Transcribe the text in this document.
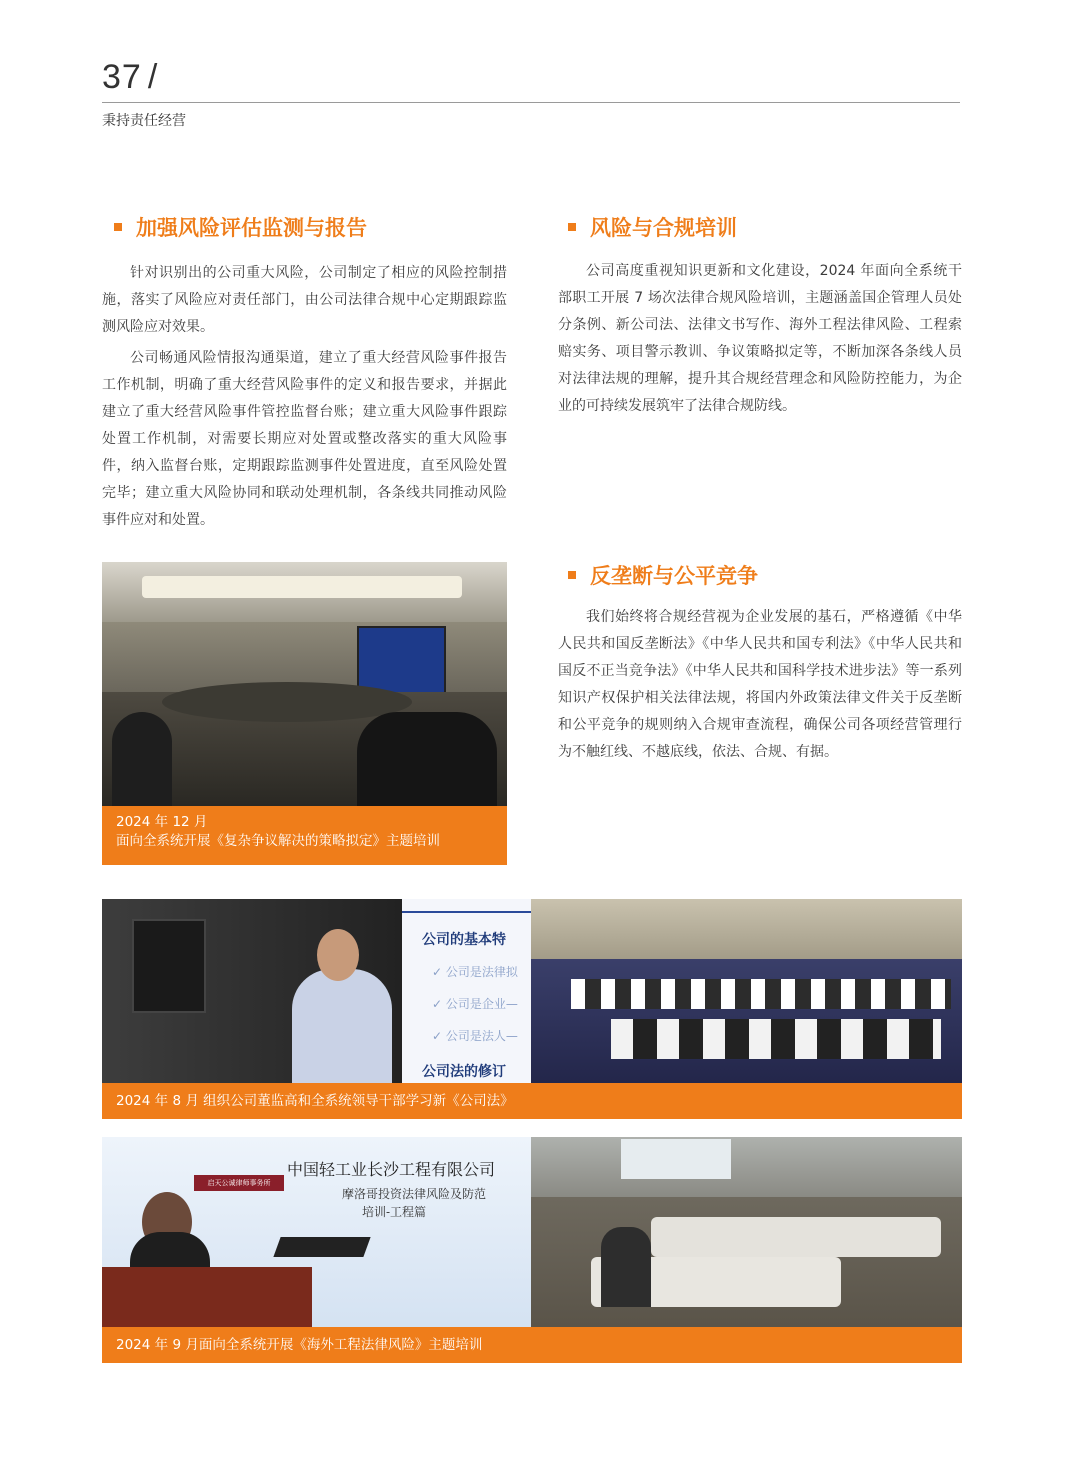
37 /
秉持责任经营
加强风险评估监测与报告

针对识别出的公司重大风险，公司制定了相应的风险控制措施，落实了风险应对责任部门，由公司法律合规中心定期跟踪监测风险应对效果。

公司畅通风险情报沟通渠道，建立了重大经营风险事件报告工作机制，明确了重大经营风险事件的定义和报告要求，并据此建立了重大经营风险事件管控监督台账；建立重大风险事件跟踪处置工作机制，对需要长期应对处置或整改落实的重大风险事件，纳入监督台账，定期跟踪监测事件处置进度，直至风险处置完毕；建立重大风险协同和联动处理机制，各条线共同推动风险事件应对和处置。

风险与合规培训

公司高度重视知识更新和文化建设，2024 年面向全系统干部职工开展 7 场次法律合规风险培训，主题涵盖国企管理人员处分条例、新公司法、法律文书写作、海外工程法律风险、工程索赔实务、项目警示教训、争议策略拟定等，不断加深各条线人员对法律法规的理解，提升其合规经营理念和风险防控能力，为企业的可持续发展筑牢了法律合规防线。

反垄断与公平竞争

我们始终将合规经营视为企业发展的基石，严格遵循《中华人民共和国反垄断法》《中华人民共和国专利法》《中华人民共和国反不正当竞争法》《中华人民共和国科学技术进步法》等一系列知识产权保护相关法律法规，将国内外政策法律文件关于反垄断和公平竞争的规则纳入合规审查流程，确保公司各项经营管理行为不触红线、不越底线，依法、合规、有据。

2024 年 12 月
面向全系统开展《复杂争议解决的策略拟定》主题培训
公司的基本特
✓ 公司是法律拟
✓ 公司是企业—
✓ 公司是法人—
公司法的修订
2024 年 8 月 组织公司董监高和全系统领导干部学习新《公司法》
启天公诚律师事务所
中国轻工业长沙工程有限公司
摩洛哥投资法律风险及防范
培训-工程篇
2024 年 9 月面向全系统开展《海外工程法律风险》主题培训
